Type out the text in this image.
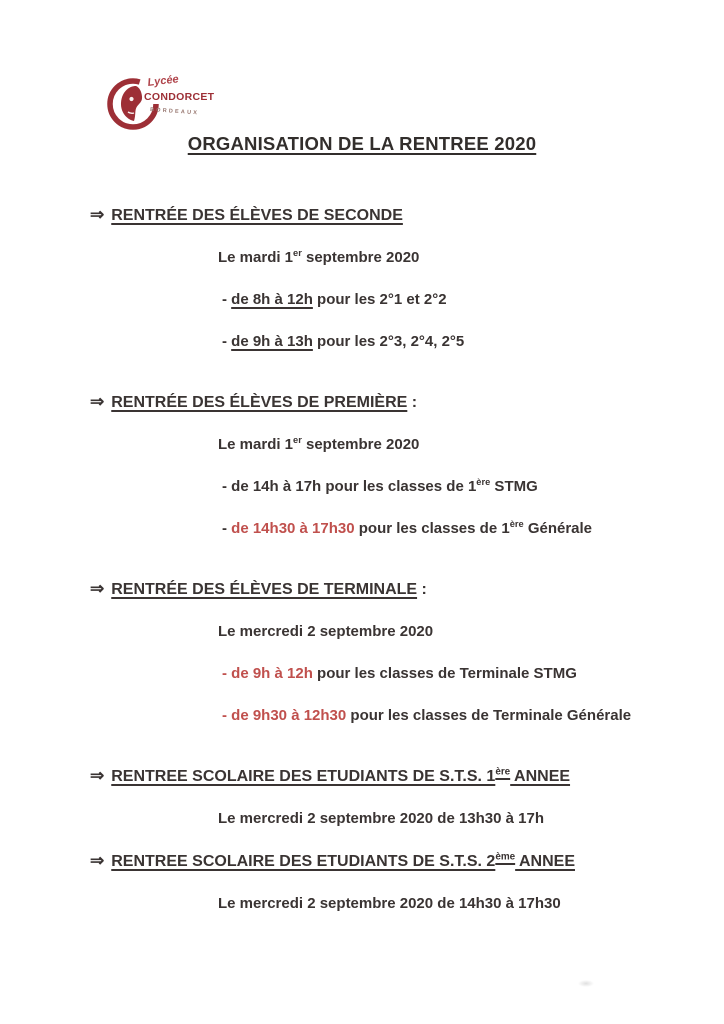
Lycée
CONDORCET
BORDEAUX
ORGANISATION DE LA RENTREE 2020
⇒ RENTRÉE DES ÉLÈVES DE SECONDE
Le mardi 1er septembre 2020
- de 8h à 12h pour les 2°1 et 2°2
- de 9h à 13h pour les 2°3, 2°4, 2°5
⇒ RENTRÉE DES ÉLÈVES DE PREMIÈRE :
Le mardi 1er septembre 2020
- de 14h à 17h pour les classes de 1ère STMG
- de 14h30 à 17h30 pour les classes de 1ère Générale
⇒ RENTRÉE DES ÉLÈVES DE TERMINALE :
Le mercredi 2 septembre 2020
- de 9h à 12h pour les classes de Terminale STMG
- de 9h30 à 12h30 pour les classes de Terminale Générale
⇒ RENTREE SCOLAIRE DES ETUDIANTS DE S.T.S. 1ère ANNEE
Le mercredi 2 septembre 2020 de 13h30 à 17h
⇒ RENTREE SCOLAIRE DES ETUDIANTS DE S.T.S. 2ème ANNEE
Le mercredi 2 septembre 2020 de 14h30 à 17h30
